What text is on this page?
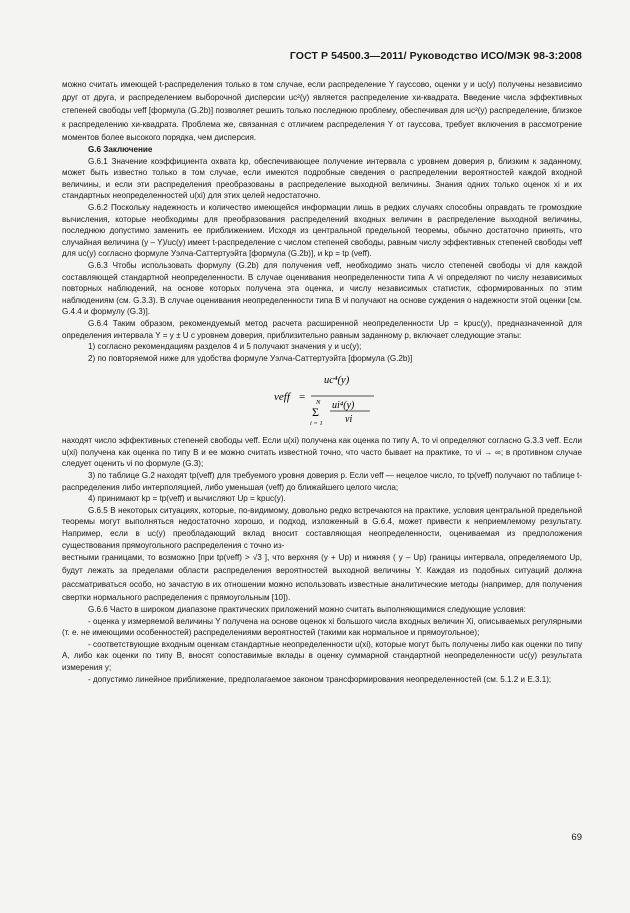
ГОСТ Р 54500.3—2011/ Руководство ИСО/МЭК 98-3:2008

можно считать имеющей t-распределения только в том случае, если распределение Y гауссово, оценки y и uc(y) получены независимо друг от друга, и распределением выборочной дисперсии uc²(y) является распределение хи-квадрата. Введение числа эффективных степеней свободы νeff [формула (G.2b)] позволяет решить только последнюю проблему, обеспечивая для uc²(y) распределение, близкое к распределению хи-квадрата. Проблема же, связанная с отличием распределения Y от гауссова, требует включения в рассмотрение моментов более высокого порядка, чем дисперсия.

G.6 Заключение

G.6.1 Значение коэффициента охвата kp, обеспечивающее получение интервала с уровнем доверия p, близким к заданному, может быть известно только в том случае, если имеются подробные сведения о распределении вероятностей каждой входной величины, и если эти распределения преобразованы в распределение выходной величины. Знания одних только оценок xi и их стандартных неопределенностей u(xi) для этих целей недостаточно.

G.6.2 Поскольку надежность и количество имеющейся информации лишь в редких случаях способны оправдать те громоздкие вычисления, которые необходимы для преобразования распределений входных величин в распределение выходной величины, последнюю допустимо заменить ее приближением. Исходя из центральной предельной теоремы, обычно достаточно принять, что случайная величина (y – Y)/uc(y) имеет t-распределение с числом степеней свободы, равным числу эффективных степеней свободы νeff для uc(y) согласно формуле Уэлча-Саттертуэйта [формула (G.2b)], и kp = tp (νeff).

G.6.3 Чтобы использовать формулу (G.2b) для получения νeff, необходимо знать число степеней свободы νi для каждой составляющей стандартной неопределенности. В случае оценивания неопределенности типа А νi определяют по числу независимых повторных наблюдений, на основе которых получена эта оценка, и числу независимых статистик, сформированных по этим наблюдениям (см. G.3.3). В случае оценивания неопределенности типа В νi получают на основе суждения о надежности этой оценки [см. G.4.4 и формулу (G.3)].

G.6.4 Таким образом, рекомендуемый метод расчета расширенной неопределенности Up = kpuc(y), предназначенной для определения интервала Y = y ± U с уровнем доверия, приблизительно равным заданному p, включает следующие этапы:

1) согласно рекомендациям разделов 4 и 5 получают значения y и uc(y);

2) по повторяемой ниже для удобства формуле Уэлча-Саттертуэйта [формула (G.2b)]

νeff =
uc⁴(y)
N
Σ
i = 1
ui⁴(y)
νi

находят число эффективных степеней свободы νeff. Если u(xi) получена как оценка по типу А, то νi определяют согласно G.3.3 νeff. Если u(xi) получена как оценка по типу В и ее можно считать известной точно, что часто бывает на практике, то νi → ∞; в противном случае следует оценить νi по формуле (G.3);

3) по таблице G.2 находят tp(νeff) для требуемого уровня доверия p. Если νeff — нецелое число, то tp(νeff) получают по таблице t-распределения либо интерполяцией, либо уменьшая (νeff) до ближайшего целого числа;

4) принимают kp = tp(νeff) и вычисляют Up = kpuc(y).

G.6.5 В некоторых ситуациях, которые, по-видимому, довольно редко встречаются на практике, условия центральной предельной теоремы могут выполняться недостаточно хорошо, и подход, изложенный в G.6.4, может привести к неприемлемому результату. Например, если в uc(y) преобладающий вклад вносит составляющая неопределенности, оцениваемая из предположения существования прямоугольного распределения с точно из-

вестными границами, то возможно [при tp(νeff) > √3 ], что верхняя (y + Up) и нижняя ( y – Up) границы интервала, определяемого Up, будут лежать за пределами области распределения вероятностей выходной величины Y. Каждая из подобных ситуаций должна рассматриваться особо, но зачастую в их отношении можно использовать известные аналитические методы (например, для получения свертки нормального распределения с прямоугольным [10]).

G.6.6 Часто в широком диапазоне практических приложений можно считать выполняющимися следующие условия:

- оценка y измеряемой величины Y получена на основе оценок xi большого числа входных величин Xi, описываемых регулярными (т. е. не имеющими особенностей) распределениями вероятностей (такими как нормальное и прямоугольное);

- соответствующие входным оценкам стандартные неопределенности u(xi), которые могут быть получены либо как оценки по типу А, либо как оценки по типу В, вносят сопоставимые вклады в оценку суммарной стандартной неопределенности uc(y) результата измерения y;

- допустимо линейное приближение, предполагаемое законом трансформирования неопределенностей (см. 5.1.2 и Е.3.1);

69
